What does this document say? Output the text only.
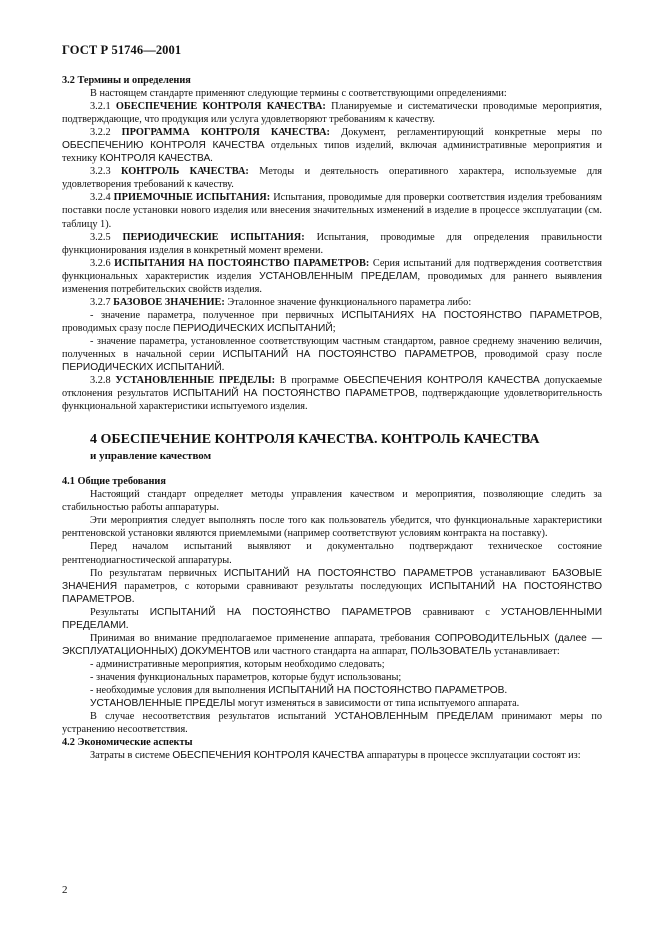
ГОСТ Р 51746—2001

3.2 Термины и определения

В настоящем стандарте применяют следующие термины с соответствующими определениями:

3.2.1 ОБЕСПЕЧЕНИЕ КОНТРОЛЯ КАЧЕСТВА: Планируемые и систематически проводимые мероприятия, подтверждающие, что продукция или услуга удовлетворяют требованиям к качеству.

3.2.2 ПРОГРАММА КОНТРОЛЯ КАЧЕСТВА: Документ, регламентирующий конкретные меры по ОБЕСПЕЧЕНИЮ КОНТРОЛЯ КАЧЕСТВА отдельных типов изделий, включая административные мероприятия и технику КОНТРОЛЯ КАЧЕСТВА.

3.2.3 КОНТРОЛЬ КАЧЕСТВА: Методы и деятельность оперативного характера, используемые для удовлетворения требований к качеству.

3.2.4 ПРИЕМОЧНЫЕ ИСПЫТАНИЯ: Испытания, проводимые для проверки соответствия изделия требованиям поставки после установки нового изделия или внесения значительных изменений в изделие в процессе эксплуатации (см. таблицу 1).

3.2.5 ПЕРИОДИЧЕСКИЕ ИСПЫТАНИЯ: Испытания, проводимые для определения правильности функционирования изделия в конкретный момент времени.

3.2.6 ИСПЫТАНИЯ НА ПОСТОЯНСТВО ПАРАМЕТРОВ: Серия испытаний для подтверждения соответствия функциональных характеристик изделия УСТАНОВЛЕННЫМ ПРЕДЕЛАМ, проводимых для раннего выявления изменения потребительских свойств изделия.

3.2.7 БАЗОВОЕ ЗНАЧЕНИЕ: Эталонное значение функционального параметра либо:

- значение параметра, полученное при первичных ИСПЫТАНИЯХ НА ПОСТОЯНСТВО ПАРАМЕТРОВ, проводимых сразу после ПЕРИОДИЧЕСКИХ ИСПЫТАНИЙ;

- значение параметра, установленное соответствующим частным стандартом, равное среднему значению величин, полученных в начальной серии ИСПЫТАНИЙ НА ПОСТОЯНСТВО ПАРАМЕТРОВ, проводимой сразу после ПЕРИОДИЧЕСКИХ ИСПЫТАНИЙ.

3.2.8 УСТАНОВЛЕННЫЕ ПРЕДЕЛЫ: В программе ОБЕСПЕЧЕНИЯ КОНТРОЛЯ КАЧЕСТВА допускаемые отклонения результатов ИСПЫТАНИЙ НА ПОСТОЯНСТВО ПАРАМЕТРОВ, подтверждающие удовлетворительность функциональной характеристики испытуемого изделия.

4 ОБЕСПЕЧЕНИЕ КОНТРОЛЯ КАЧЕСТВА. КОНТРОЛЬ КАЧЕСТВА
и управление качеством

4.1 Общие требования

Настоящий стандарт определяет методы управления качеством и мероприятия, позволяющие следить за стабильностью работы аппаратуры.

Эти мероприятия следует выполнять после того как пользователь убедится, что функциональные характеристики рентгеновской установки являются приемлемыми (например соответствуют условиям контракта на поставку).

Перед началом испытаний выявляют и документально подтверждают техническое состояние рентгенодиагностической аппаратуры.

По результатам первичных ИСПЫТАНИЙ НА ПОСТОЯНСТВО ПАРАМЕТРОВ устанавливают БАЗОВЫЕ ЗНАЧЕНИЯ параметров, с которыми сравнивают результаты последующих ИСПЫТАНИЙ НА ПОСТОЯНСТВО ПАРАМЕТРОВ.

Результаты ИСПЫТАНИЙ НА ПОСТОЯНСТВО ПАРАМЕТРОВ сравнивают с УСТАНОВЛЕННЫМИ ПРЕДЕЛАМИ.

Принимая во внимание предполагаемое применение аппарата, требования СОПРОВОДИТЕЛЬНЫХ (далее — ЭКСПЛУАТАЦИОННЫХ) ДОКУМЕНТОВ или частного стандарта на аппарат, ПОЛЬЗОВАТЕЛЬ устанавливает:

- административные мероприятия, которым необходимо следовать;

- значения функциональных параметров, которые будут использованы;

- необходимые условия для выполнения ИСПЫТАНИЙ НА ПОСТОЯНСТВО ПАРАМЕТРОВ.

УСТАНОВЛЕННЫЕ ПРЕДЕЛЫ могут изменяться в зависимости от типа испытуемого аппарата.

В случае несоответствия результатов испытаний УСТАНОВЛЕННЫМ ПРЕДЕЛАМ принимают меры по устранению несоответствия.

4.2 Экономические аспекты

Затраты в системе ОБЕСПЕЧЕНИЯ КОНТРОЛЯ КАЧЕСТВА аппаратуры в процессе эксплуатации состоят из:

2
